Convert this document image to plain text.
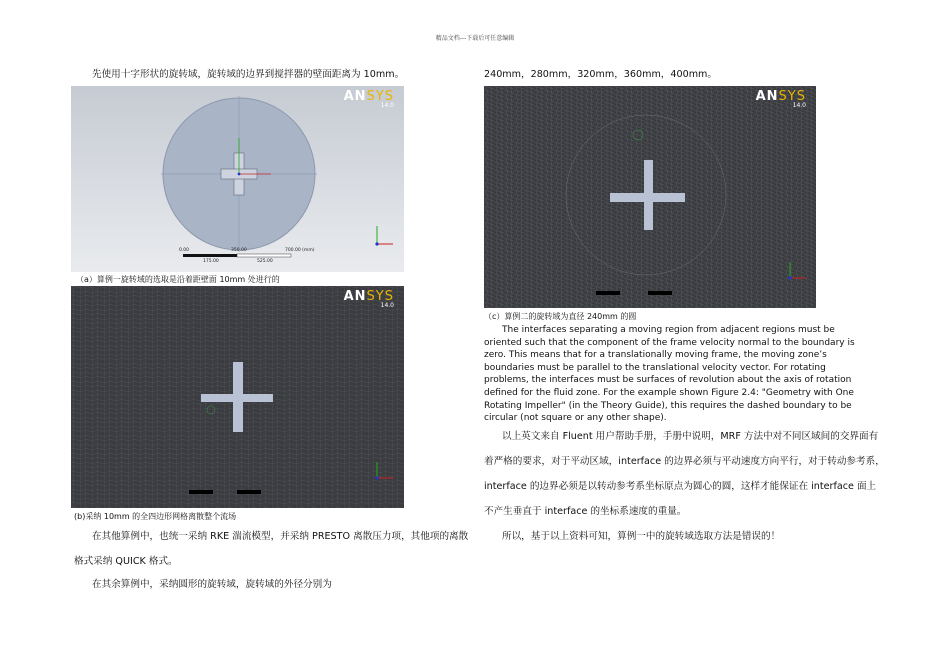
精品文档---下载后可任意编辑
先使用十字形状的旋转域，旋转域的边界到搅拌器的壁面距离为 10mm。
ANSYS
14.0
0.00	350.00	700.00 (mm)
175.00	525.00
（a）算例一旋转域的选取是沿着距壁面 10mm 处进行的
ANSYS
14.0
(b)采纳 10mm 的全四边形网格离散整个流场
在其他算例中，也统一采纳 RKE 湍流模型，并采纳 PRESTO 离散压力项，其他项的离散
格式采纳 QUICK 格式。
在其余算例中，采纳圆形的旋转域，旋转域的外径分别为
240mm，280mm，320mm，360mm，400mm。
ANSYS
14.0
（c）算例二的旋转域为直径 240mm 的圆
The interfaces separating a moving region from adjacent regions must be
oriented such that the component of the frame velocity normal to the boundary is
zero. This means that for a translationally moving frame, the moving zone’s
boundaries must be parallel to the translational velocity vector. For rotating
problems, the interfaces must be surfaces of revolution about the axis of rotation
defined for the fluid zone. For the example shown Figure 2.4: "Geometry with One
Rotating Impeller" (in the Theory Guide), this requires the dashed boundary to be
circular (not square or any other shape).
以上英文来自 Fluent 用户帮助手册，手册中说明，MRF 方法中对不同区域间的交界面有
着严格的要求，对于平动区域，interface 的边界必须与平动速度方向平行，对于转动参考系，
interface 的边界必须是以转动参考系坐标原点为圆心的圆，这样才能保证在 interface 面上
不产生垂直于 interface 的坐标系速度的重量。
所以，基于以上资料可知，算例一中的旋转域选取方法是错误的！
